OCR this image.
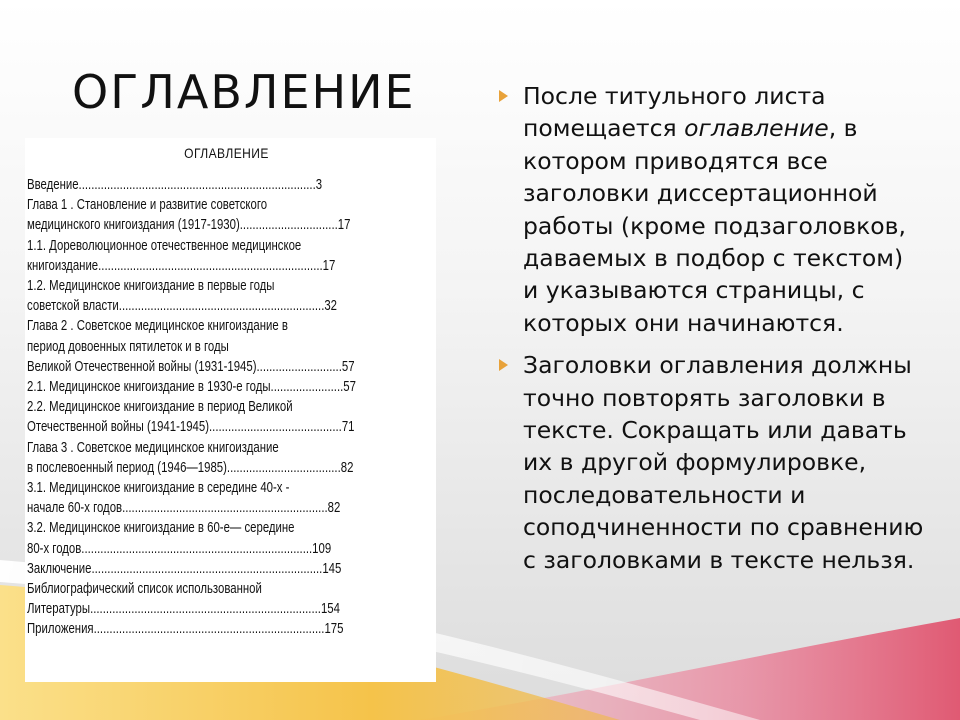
ОГЛАВЛЕНИЕ
ОГЛАВЛЕНИЕ
Введение...........................................................................3
Глава 1 . Становление и развитие советского
медицинского книгоиздания (1917-1930)...............................17
1.1. Дореволюционное отечественное медицинское
книгоиздание.......................................................................17
1.2. Медицинское книгоиздание в первые годы
советской власти.................................................................32
Глава 2 . Советское медицинское книгоиздание в
период довоенных пятилеток и в годы
Великой Отечественной войны (1931-1945)...........................57
2.1. Медицинское книгоиздание в 1930-е годы.......................57
2.2. Медицинское книгоиздание в период Великой
Отечественной войны (1941-1945)..........................................71
Глава 3 . Советское медицинское книгоиздание
в послевоенный период (1946—1985)....................................82
3.1. Медицинское книгоиздание в середине 40-х -
начале 60-х годов.................................................................82
3.2. Медицинское книгоиздание в 60-е— середине
80-х годов.........................................................................109
Заключение.........................................................................145
Библиографический список использованной
Литературы.........................................................................154
Приложения.........................................................................175
После титульного листа помещается оглавление, в котором приводятся все заголовки диссертационной работы (кроме подзаголовков, даваемых в подбор с текстом) и указываются страницы, с которых они начинаются.
Заголовки оглавления должны точно повторять заголовки в тексте. Сокращать или давать их в другой формулировке, последовательности и соподчиненности по сравнению с заголовками в тексте нельзя.
